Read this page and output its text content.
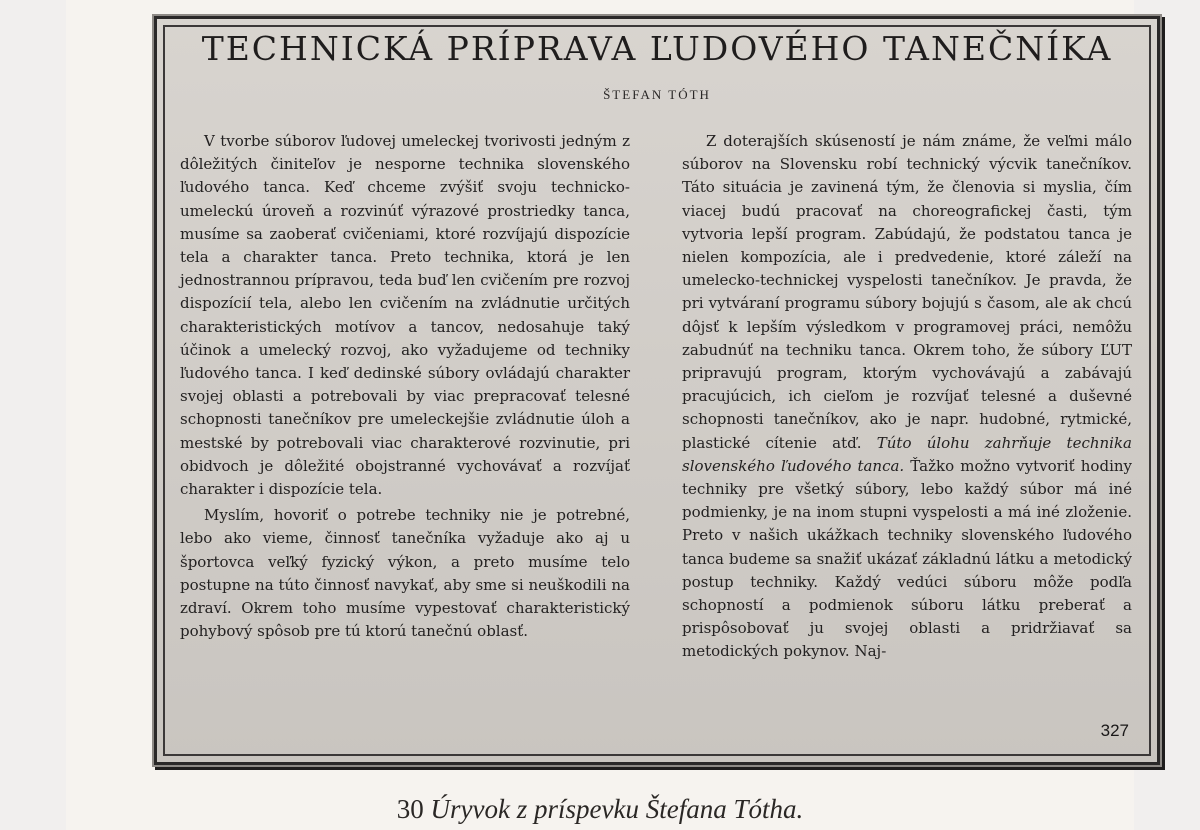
TECHNICKÁ PRÍPRAVA ĽUDOVÉHO TANEČNÍKA
ŠTEFAN TÓTH

V tvorbe súborov ľudovej umeleckej tvorivosti jedným z dôležitých činiteľov je nesporne technika slovenského ľudového tanca. Keď chceme zvýšiť svoju technicko-umeleckú úroveň a rozvinúť výrazové prostriedky tanca, musíme sa zaoberať cvičeniami, ktoré rozvíjajú dispozície tela a charakter tanca. Preto technika, ktorá je len jednostrannou prípravou, teda buď len cvičením pre rozvoj dispozícií tela, alebo len cvičením na zvládnutie určitých charakteristických motívov a tancov, nedosahuje taký účinok a umelecký rozvoj, ako vyžadujeme od techniky ľudového tanca. I keď dedinské súbory ovládajú charakter svojej oblasti a potrebovali by viac prepracovať telesné schopnosti tanečníkov pre umeleckejšie zvládnutie úloh a mestské by potrebovali viac charakterové rozvinutie, pri obidvoch je dôležité obojstranné vychovávať a rozvíjať charakter i dispozície tela.

Myslím, hovoriť o potrebe techniky nie je potrebné, lebo ako vieme, činnosť tanečníka vyžaduje ako aj u športovca veľký fyzický výkon, a preto musíme telo postupne na túto činnosť navykať, aby sme si neuškodili na zdraví. Okrem toho musíme vypestovať charakteristický pohybový spôsob pre tú ktorú tanečnú oblasť.

Z doterajších skúseností je nám známe, že veľmi málo súborov na Slovensku robí technický výcvik tanečníkov. Táto situácia je zavinená tým, že členovia si myslia, čím viacej budú pracovať na choreografickej časti, tým vytvoria lepší program. Zabúdajú, že podstatou tanca je nielen kompozícia, ale i predvedenie, ktoré záleží na umelecko-technickej vyspelosti tanečníkov. Je pravda, že pri vytváraní programu súbory bojujú s časom, ale ak chcú dôjsť k lepším výsledkom v programovej práci, nemôžu zabudnúť na techniku tanca. Okrem toho, že súbory ĽUT pripravujú program, ktorým vychovávajú a zabávajú pracujúcich, ich cieľom je rozvíjať telesné a duševné schopnosti tanečníkov, ako je napr. hudobné, rytmické, plastické cítenie atď. Túto úlohu zahrňuje technika slovenského ľudového tanca. Ťažko možno vytvoriť hodiny techniky pre všetký súbory, lebo každý súbor má iné podmienky, je na inom stupni vyspelosti a má iné zloženie. Preto v našich ukážkach techniky slovenského ľudového tanca budeme sa snažiť ukázať základnú látku a metodický postup techniky. Každý vedúci súboru môže podľa schopností a podmienok súboru látku preberať a prispôsobovať ju svojej oblasti a pridržiavať sa metodických pokynov. Naj-

327
30 Úryvok z príspevku Štefana Tótha.
